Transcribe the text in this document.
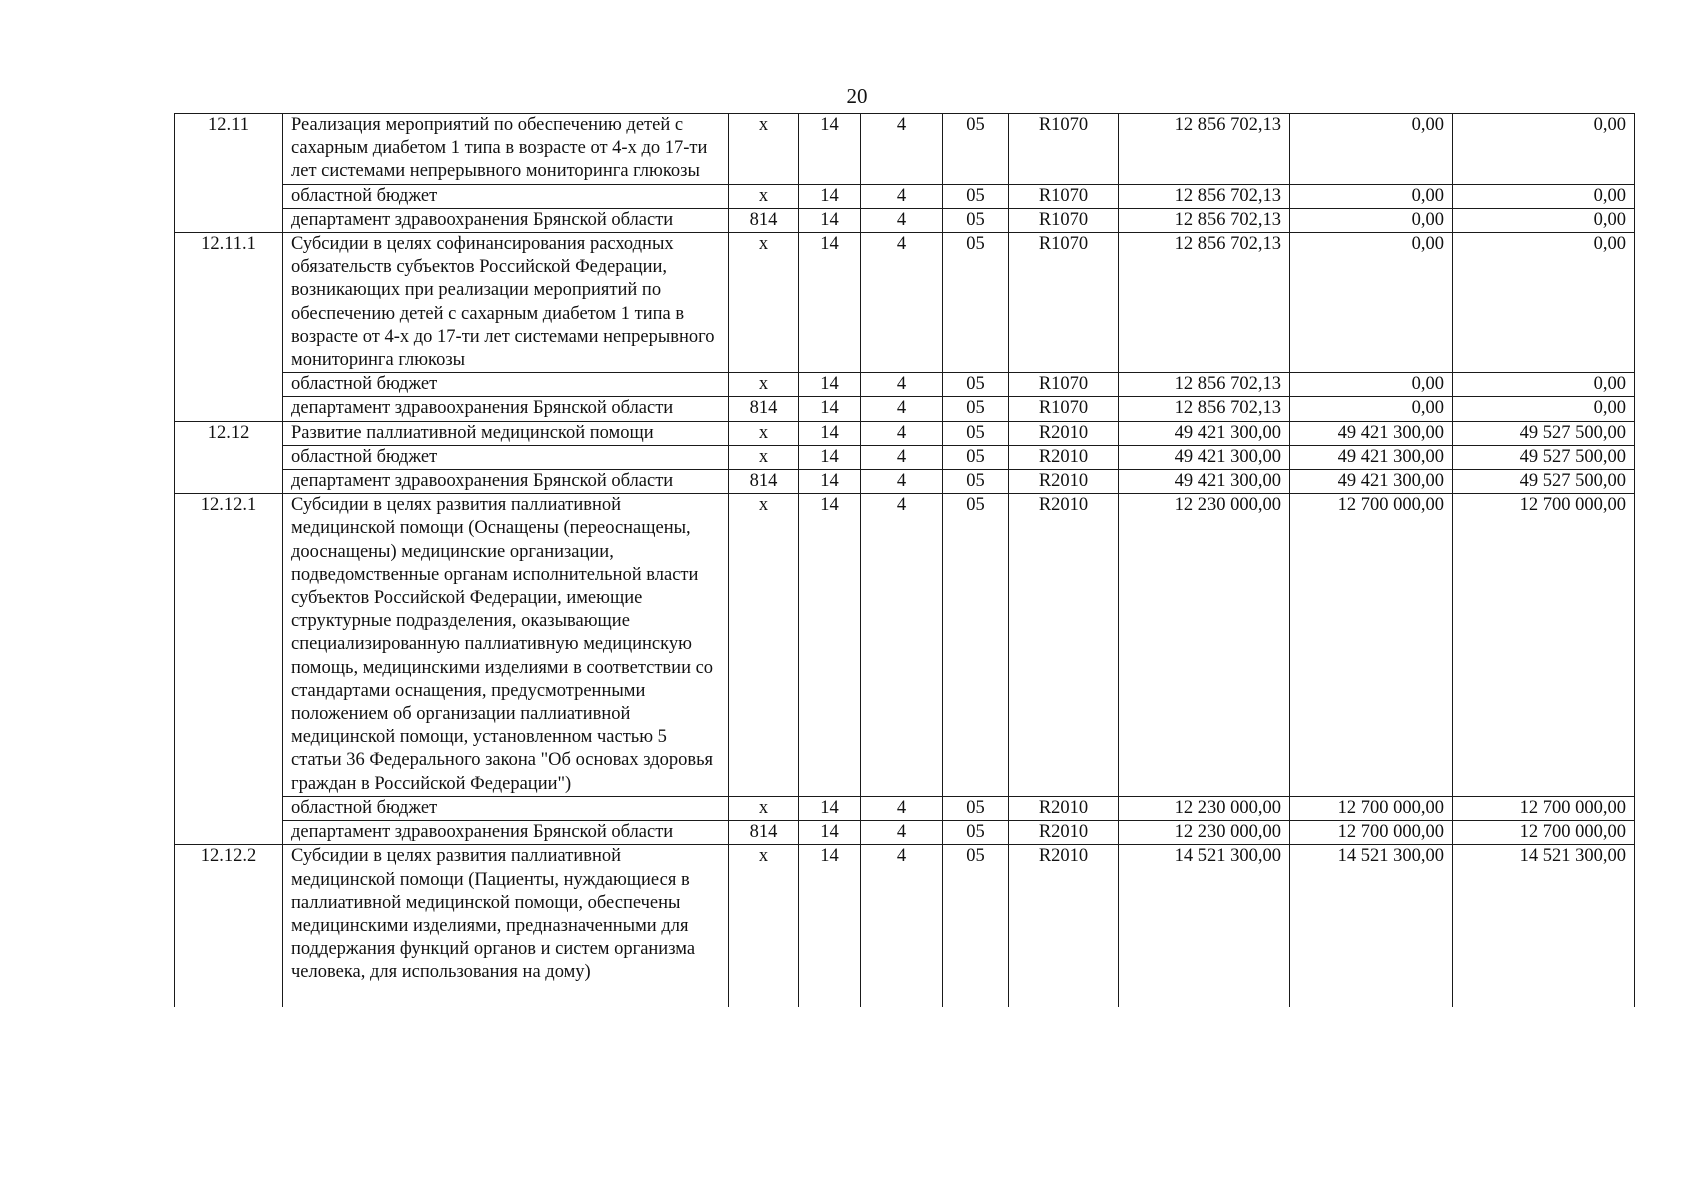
20
12.11	Реализация мероприятий по обеспечению детей с сахарным диабетом 1 типа в возрасте от 4-х до 17-ти лет системами непрерывного мониторинга глюкозы	х	14	4	05	R1070	12 856 702,13	0,00	0,00
	областной бюджет	х	14	4	05	R1070	12 856 702,13	0,00	0,00
	департамент здравоохранения Брянской области	814	14	4	05	R1070	12 856 702,13	0,00	0,00
12.11.1	Субсидии в целях софинансирования расходных обязательств субъектов Российской Федерации, возникающих при реализации мероприятий по обеспечению детей с сахарным диабетом 1 типа в возрасте от 4-х до 17-ти лет системами непрерывного мониторинга глюкозы	х	14	4	05	R1070	12 856 702,13	0,00	0,00
	областной бюджет	х	14	4	05	R1070	12 856 702,13	0,00	0,00
	департамент здравоохранения Брянской области	814	14	4	05	R1070	12 856 702,13	0,00	0,00
12.12	Развитие паллиативной медицинской помощи	х	14	4	05	R2010	49 421 300,00	49 421 300,00	49 527 500,00
	областной бюджет	х	14	4	05	R2010	49 421 300,00	49 421 300,00	49 527 500,00
	департамент здравоохранения Брянской области	814	14	4	05	R2010	49 421 300,00	49 421 300,00	49 527 500,00
12.12.1	Субсидии в целях развития паллиативной медицинской помощи (Оснащены (переоснащены, дооснащены) медицинские организации, подведомственные органам исполнительной власти субъектов Российской Федерации, имеющие структурные подразделения, оказывающие специализированную паллиативную медицинскую помощь, медицинскими изделиями в соответствии со стандартами оснащения, предусмотренными положением об организации паллиативной медицинской помощи, установленном частью 5 статьи 36 Федерального закона "Об основах здоровья граждан в Российской Федерации")	х	14	4	05	R2010	12 230 000,00	12 700 000,00	12 700 000,00
	областной бюджет	х	14	4	05	R2010	12 230 000,00	12 700 000,00	12 700 000,00
	департамент здравоохранения Брянской области	814	14	4	05	R2010	12 230 000,00	12 700 000,00	12 700 000,00
12.12.2	Субсидии в целях развития паллиативной медицинской помощи (Пациенты, нуждающиеся в паллиативной медицинской помощи, обеспечены медицинскими изделиями, предназначенными для поддержания функций органов и систем организма человека, для использования на дому)	х	14	4	05	R2010	14 521 300,00	14 521 300,00	14 521 300,00
